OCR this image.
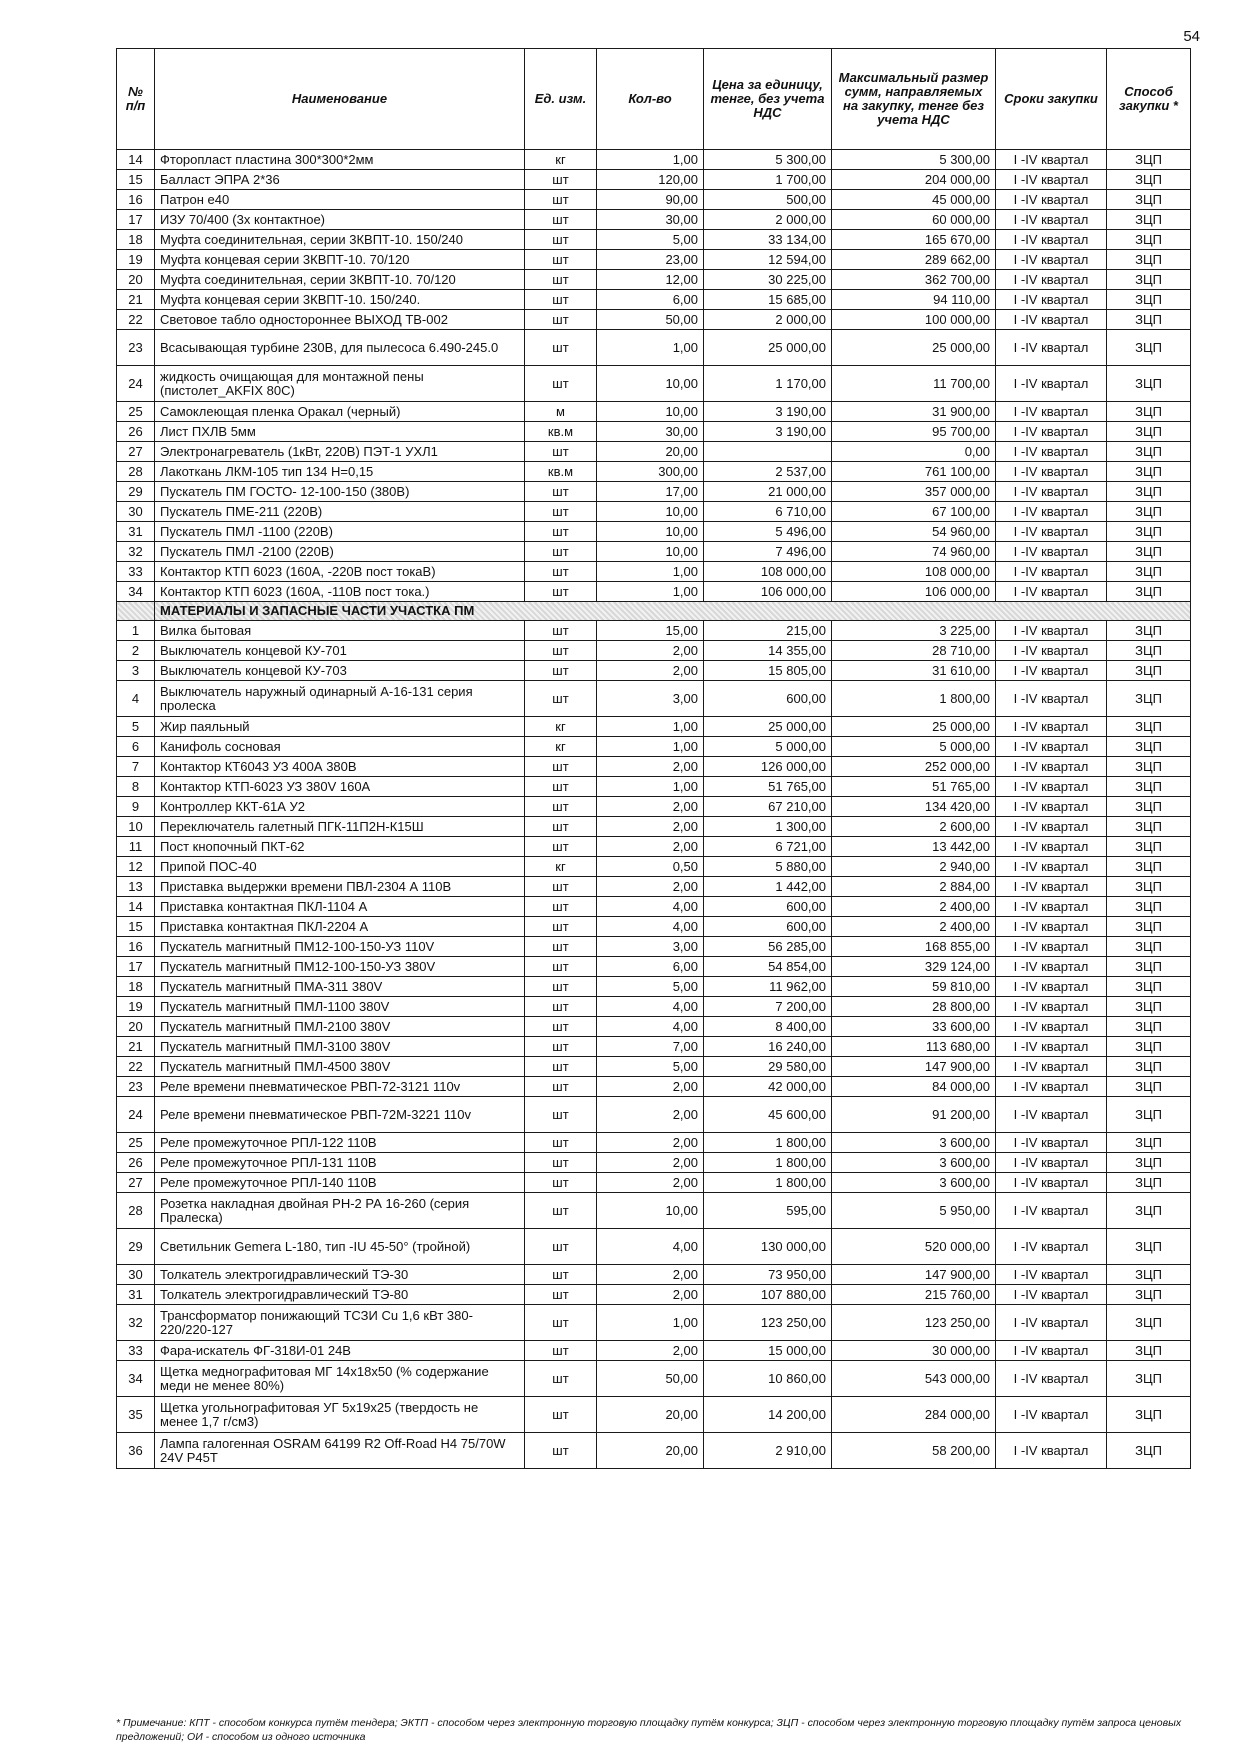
54
№ п/п	Наименование	Ед. изм.	Кол-во	Цена за единицу, тенге, без учета НДС	Максимальный размер сумм, направляемых на закупку, тенге без учета НДС	Сроки закупки	Способ закупки *
14	Фторопласт пластина 300*300*2мм	кг	1,00	5 300,00	5 300,00	I -IV квартал	ЗЦП
15	Балласт ЭПРА 2*36	шт	120,00	1 700,00	204 000,00	I -IV квартал	ЗЦП
16	Патрон е40	шт	90,00	500,00	45 000,00	I -IV квартал	ЗЦП
17	ИЗУ 70/400 (3х контактное)	шт	30,00	2 000,00	60 000,00	I -IV квартал	ЗЦП
18	Муфта соединительная, серии 3КВПТ-10. 150/240	шт	5,00	33 134,00	165 670,00	I -IV квартал	ЗЦП
19	Муфта концевая серии 3КВПТ-10. 70/120	шт	23,00	12 594,00	289 662,00	I -IV квартал	ЗЦП
20	Муфта соединительная, серии 3КВПТ-10. 70/120	шт	12,00	30 225,00	362 700,00	I -IV квартал	ЗЦП
21	Муфта концевая серии 3КВПТ-10. 150/240.	шт	6,00	15 685,00	94 110,00	I -IV квартал	ЗЦП
22	Световое табло одностороннее ВЫХОД ТВ-002	шт	50,00	2 000,00	100 000,00	I -IV квартал	ЗЦП
23	Всасывающая турбине 230В, для пылесоса 6.490-245.0	шт	1,00	25 000,00	25 000,00	I -IV квартал	ЗЦП
24	жидкость очищающая для монтажной пены (пистолет_AKFIX 80C)	шт	10,00	1 170,00	11 700,00	I -IV квартал	ЗЦП
25	Самоклеющая пленка Оракал (черный)	м	10,00	3 190,00	31 900,00	I -IV квартал	ЗЦП
26	Лист ПХЛВ 5мм	кв.м	30,00	3 190,00	95 700,00	I -IV квартал	ЗЦП
27	Электронагреватель (1кВт, 220В) ПЭТ-1 УХЛ1	шт	20,00		0,00	I -IV квартал	ЗЦП
28	Лакоткань ЛКМ-105 тип 134 H=0,15	кв.м	300,00	2 537,00	761 100,00	I -IV квартал	ЗЦП
29	Пускатель ПМ ГОСТО- 12-100-150 (380В)	шт	17,00	21 000,00	357 000,00	I -IV квартал	ЗЦП
30	Пускатель ПМЕ-211 (220В)	шт	10,00	6 710,00	67 100,00	I -IV квартал	ЗЦП
31	Пускатель ПМЛ -1100 (220В)	шт	10,00	5 496,00	54 960,00	I -IV квартал	ЗЦП
32	Пускатель ПМЛ -2100 (220В)	шт	10,00	7 496,00	74 960,00	I -IV квартал	ЗЦП
33	Контактор КТП 6023 (160А, -220В пост токаВ)	шт	1,00	108 000,00	108 000,00	I -IV квартал	ЗЦП
34	Контактор КТП 6023 (160А, -110В пост тока.)	шт	1,00	106 000,00	106 000,00	I -IV квартал	ЗЦП
	МАТЕРИАЛЫ И ЗАПАСНЫЕ ЧАСТИ УЧАСТКА ПМ						
1	Вилка бытовая	шт	15,00	215,00	3 225,00	I -IV квартал	ЗЦП
2	Выключатель концевой КУ-701	шт	2,00	14 355,00	28 710,00	I -IV квартал	ЗЦП
3	Выключатель концевой КУ-703	шт	2,00	15 805,00	31 610,00	I -IV квартал	ЗЦП
4	Выключатель наружный одинарный А-16-131 серия пролеска	шт	3,00	600,00	1 800,00	I -IV квартал	ЗЦП
5	Жир паяльный	кг	1,00	25 000,00	25 000,00	I -IV квартал	ЗЦП
6	Канифоль сосновая	кг	1,00	5 000,00	5 000,00	I -IV квартал	ЗЦП
7	Контактор КТ6043 УЗ 400А 380В	шт	2,00	126 000,00	252 000,00	I -IV квартал	ЗЦП
8	Контактор КТП-6023 УЗ 380V 160А	шт	1,00	51 765,00	51 765,00	I -IV квартал	ЗЦП
9	Контроллер ККТ-61А У2	шт	2,00	67 210,00	134 420,00	I -IV квартал	ЗЦП
10	Переключатель галетный ПГК-11П2Н-К15Ш	шт	2,00	1 300,00	2 600,00	I -IV квартал	ЗЦП
11	Пост кнопочный ПКТ-62	шт	2,00	6 721,00	13 442,00	I -IV квартал	ЗЦП
12	Припой ПОС-40	кг	0,50	5 880,00	2 940,00	I -IV квартал	ЗЦП
13	Приставка выдержки времени ПВЛ-2304 А 110В	шт	2,00	1 442,00	2 884,00	I -IV квартал	ЗЦП
14	Приставка контактная ПКЛ-1104 А	шт	4,00	600,00	2 400,00	I -IV квартал	ЗЦП
15	Приставка контактная ПКЛ-2204 А	шт	4,00	600,00	2 400,00	I -IV квартал	ЗЦП
16	Пускатель магнитный ПМ12-100-150-УЗ 110V	шт	3,00	56 285,00	168 855,00	I -IV квартал	ЗЦП
17	Пускатель магнитный ПМ12-100-150-УЗ 380V	шт	6,00	54 854,00	329 124,00	I -IV квартал	ЗЦП
18	Пускатель магнитный ПМА-311 380V	шт	5,00	11 962,00	59 810,00	I -IV квартал	ЗЦП
19	Пускатель магнитный ПМЛ-1100 380V	шт	4,00	7 200,00	28 800,00	I -IV квартал	ЗЦП
20	Пускатель магнитный ПМЛ-2100 380V	шт	4,00	8 400,00	33 600,00	I -IV квартал	ЗЦП
21	Пускатель магнитный ПМЛ-3100 380V	шт	7,00	16 240,00	113 680,00	I -IV квартал	ЗЦП
22	Пускатель магнитный ПМЛ-4500 380V	шт	5,00	29 580,00	147 900,00	I -IV квартал	ЗЦП
23	Реле времени пневматическое РВП-72-3121 110v	шт	2,00	42 000,00	84 000,00	I -IV квартал	ЗЦП
24	Реле времени пневматическое РВП-72М-3221 110v	шт	2,00	45 600,00	91 200,00	I -IV квартал	ЗЦП
25	Реле промежуточное РПЛ-122 110В	шт	2,00	1 800,00	3 600,00	I -IV квартал	ЗЦП
26	Реле промежуточное РПЛ-131 110В	шт	2,00	1 800,00	3 600,00	I -IV квартал	ЗЦП
27	Реле промежуточное РПЛ-140 110В	шт	2,00	1 800,00	3 600,00	I -IV квартал	ЗЦП
28	Розетка накладная двойная РН-2 РА 16-260 (серия Пралеска)	шт	10,00	595,00	5 950,00	I -IV квартал	ЗЦП
29	Светильник Gemera L-180, тип -IU 45-50° (тройной)	шт	4,00	130 000,00	520 000,00	I -IV квартал	ЗЦП
30	Толкатель электрогидравлический ТЭ-30	шт	2,00	73 950,00	147 900,00	I -IV квартал	ЗЦП
31	Толкатель электрогидравлический ТЭ-80	шт	2,00	107 880,00	215 760,00	I -IV квартал	ЗЦП
32	Трансформатор понижающий ТСЗИ Cu 1,6 кВт 380-220/220-127	шт	1,00	123 250,00	123 250,00	I -IV квартал	ЗЦП
33	Фара-искатель ФГ-318И-01 24В	шт	2,00	15 000,00	30 000,00	I -IV квартал	ЗЦП
34	Щетка меднографитовая МГ 14х18х50 (% содержание меди не менее 80%)	шт	50,00	10 860,00	543 000,00	I -IV квартал	ЗЦП
35	Щетка угольнографитовая УГ 5х19х25 (твердость не менее 1,7 г/см3)	шт	20,00	14 200,00	284 000,00	I -IV квартал	ЗЦП
36	Лампа галогенная OSRAM 64199 R2 Off-Road H4 75/70W 24V P45T	шт	20,00	2 910,00	58 200,00	I -IV квартал	ЗЦП
* Примечание: КПТ - способом конкурса путём тендера; ЭКТП - способом через электронную торговую площадку путём конкурса; ЗЦП - способом через электронную торговую площадку путём запроса ценовых предложений; ОИ - способом из одного источника
